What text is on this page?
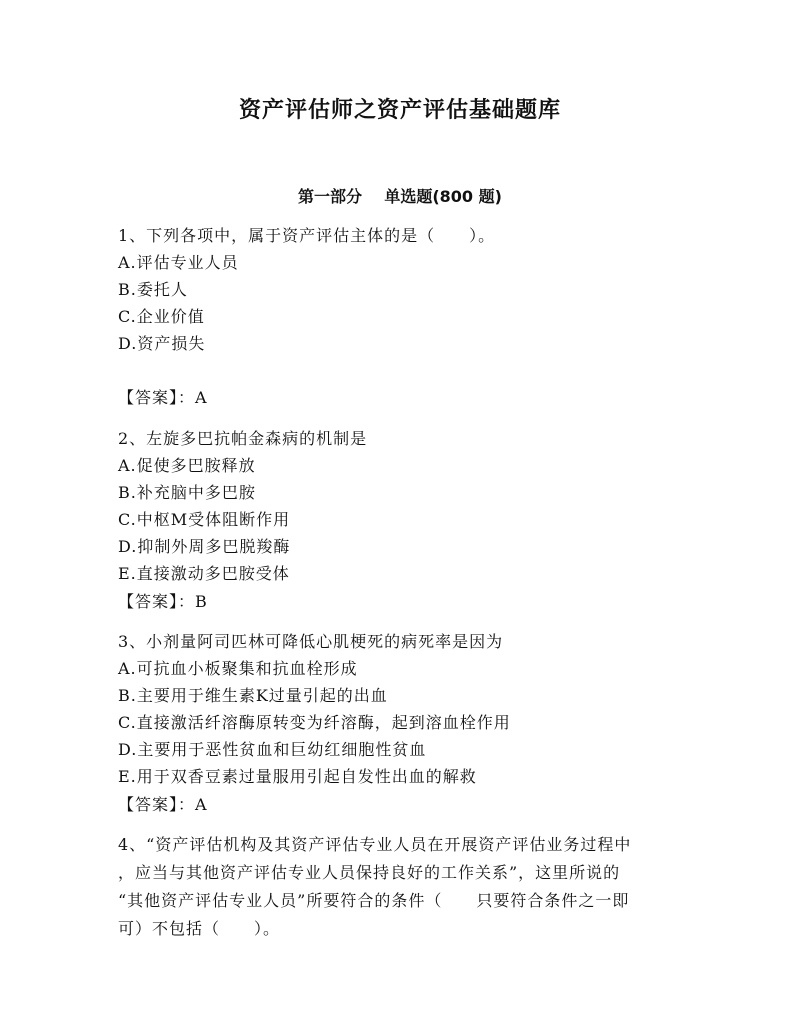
资产评估师之资产评估基础题库
第一部分    单选题(800 题)
1、下列各项中，属于资产评估主体的是（　　）。
A.评估专业人员
B.委托人
C.企业价值
D.资产损失
【答案】：A
2、左旋多巴抗帕金森病的机制是
A.促使多巴胺释放
B.补充脑中多巴胺
C.中枢M受体阻断作用
D.抑制外周多巴脱羧酶
E.直接激动多巴胺受体
【答案】：B
3、小剂量阿司匹林可降低心肌梗死的病死率是因为
A.可抗血小板聚集和抗血栓形成
B.主要用于维生素K过量引起的出血
C.直接激活纤溶酶原转变为纤溶酶，起到溶血栓作用
D.主要用于恶性贫血和巨幼红细胞性贫血
E.用于双香豆素过量服用引起自发性出血的解救
【答案】：A
4、“资产评估机构及其资产评估专业人员在开展资产评估业务过程中
，应当与其他资产评估专业人员保持良好的工作关系”，这里所说的
“其他资产评估专业人员”所要符合的条件（　　只要符合条件之一即
可）不包括（　　）。
